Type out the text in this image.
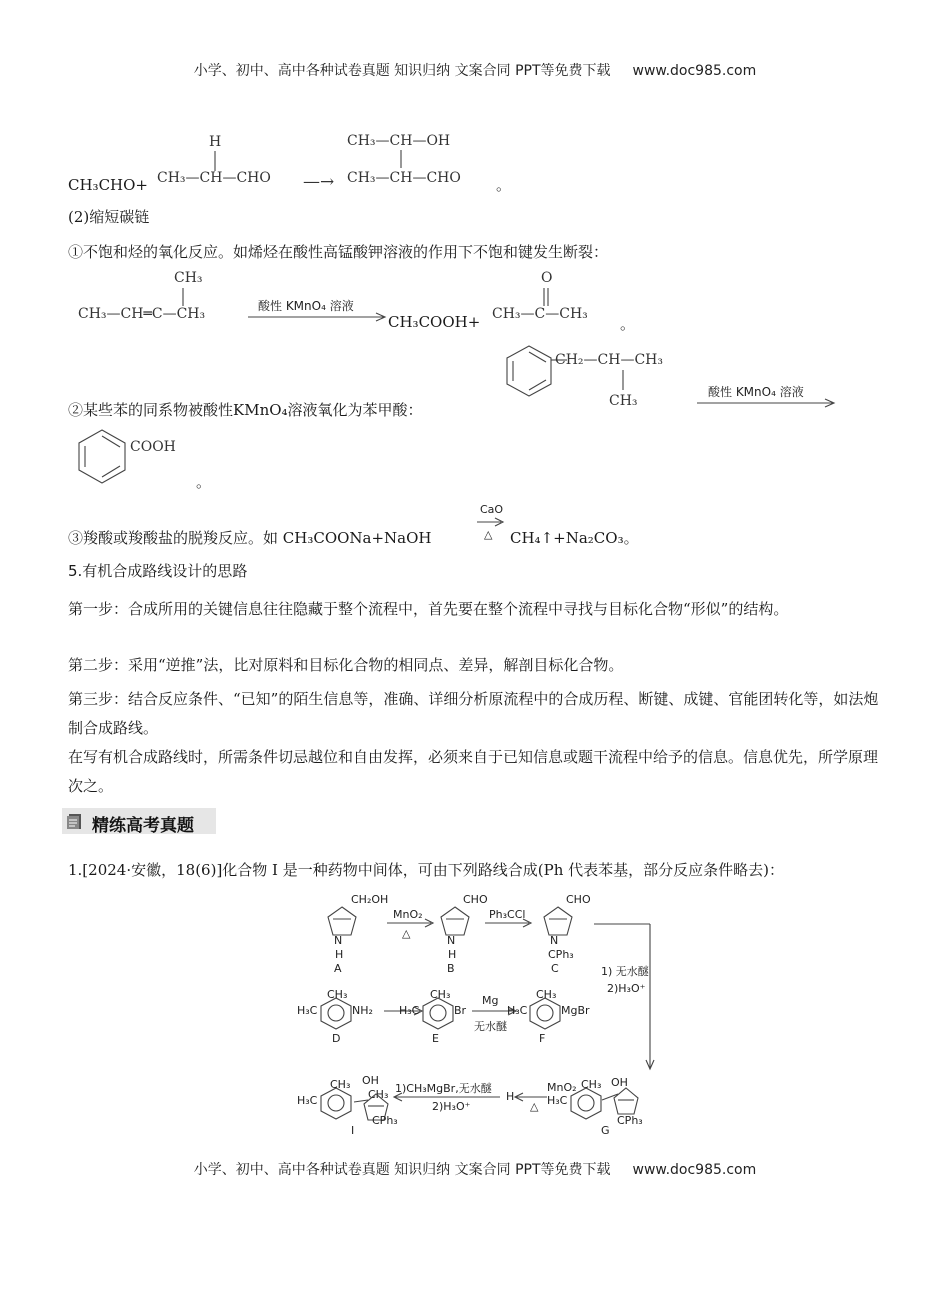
小学、初中、高中各种试卷真题 知识归纳 文案合同 PPT等免费下载 www.doc985.com
CH₃CHO+
H
CH₃—CH—CHO —→
CH₃—CH—OH
CH₃—CH—CHO 。
(2)缩短碳链
①不饱和烃的氧化反应。如烯烃在酸性高锰酸钾溶液的作用下不饱和键发生断裂：
CH₃
CH₃—CH═C—CH₃	酸性 KMnO₄ 溶液
CH₃COOH+
O
CH₃—C—CH₃
。
CH₂—CH—CH₃
CH₃
酸性 KMnO₄ 溶液
②某些苯的同系物被酸性KMnO₄溶液氧化为苯甲酸：
COOH
。
③羧酸或羧酸盐的脱羧反应。如 CH₃COONa+NaOH
CaO
△ CH₄↑+Na₂CO₃。
5.有机合成路线设计的思路
第一步：合成所用的关键信息往往隐藏于整个流程中，首先要在整个流程中寻找与目标化合物“形似”的结构。
第二步：采用“逆推”法，比对原料和目标化合物的相同点、差异，解剖目标化合物。
第三步：结合反应条件、“已知”的陌生信息等，准确、详细分析原流程中的合成历程、断键、成键、官能团转化等，如法炮制合成路线。
在写有机合成路线时，所需条件切忌越位和自由发挥，必须来自于已知信息或题干流程中给予的信息。信息优先，所学原理次之。
精练高考真题
1.[2024·安徽，18(6)]化合物 I 是一种药物中间体，可由下列路线合成(Ph 代表苯基，部分反应条件略去)：
CH₂OH
N
H
A
MnO₂
△
CHO
N
H
B
Ph₃CCl
CHO
N
CPh₃
C	1) 无水醚
2)H₃O⁺
H₃C
CH₃
NH₂
D
H₃C
CH₃
Br
E
Mg
无水醚
H₃C
CH₃
MgBr
F
H₃C
CH₃ OH
CPh₃
G
MnO₂
△
H
1)CH₃MgBr,无水醚
2)H₃O⁺
H₃C
CH₃ OH
CH₃
CPh₃
I
小学、初中、高中各种试卷真题 知识归纳 文案合同 PPT等免费下载 www.doc985.com
